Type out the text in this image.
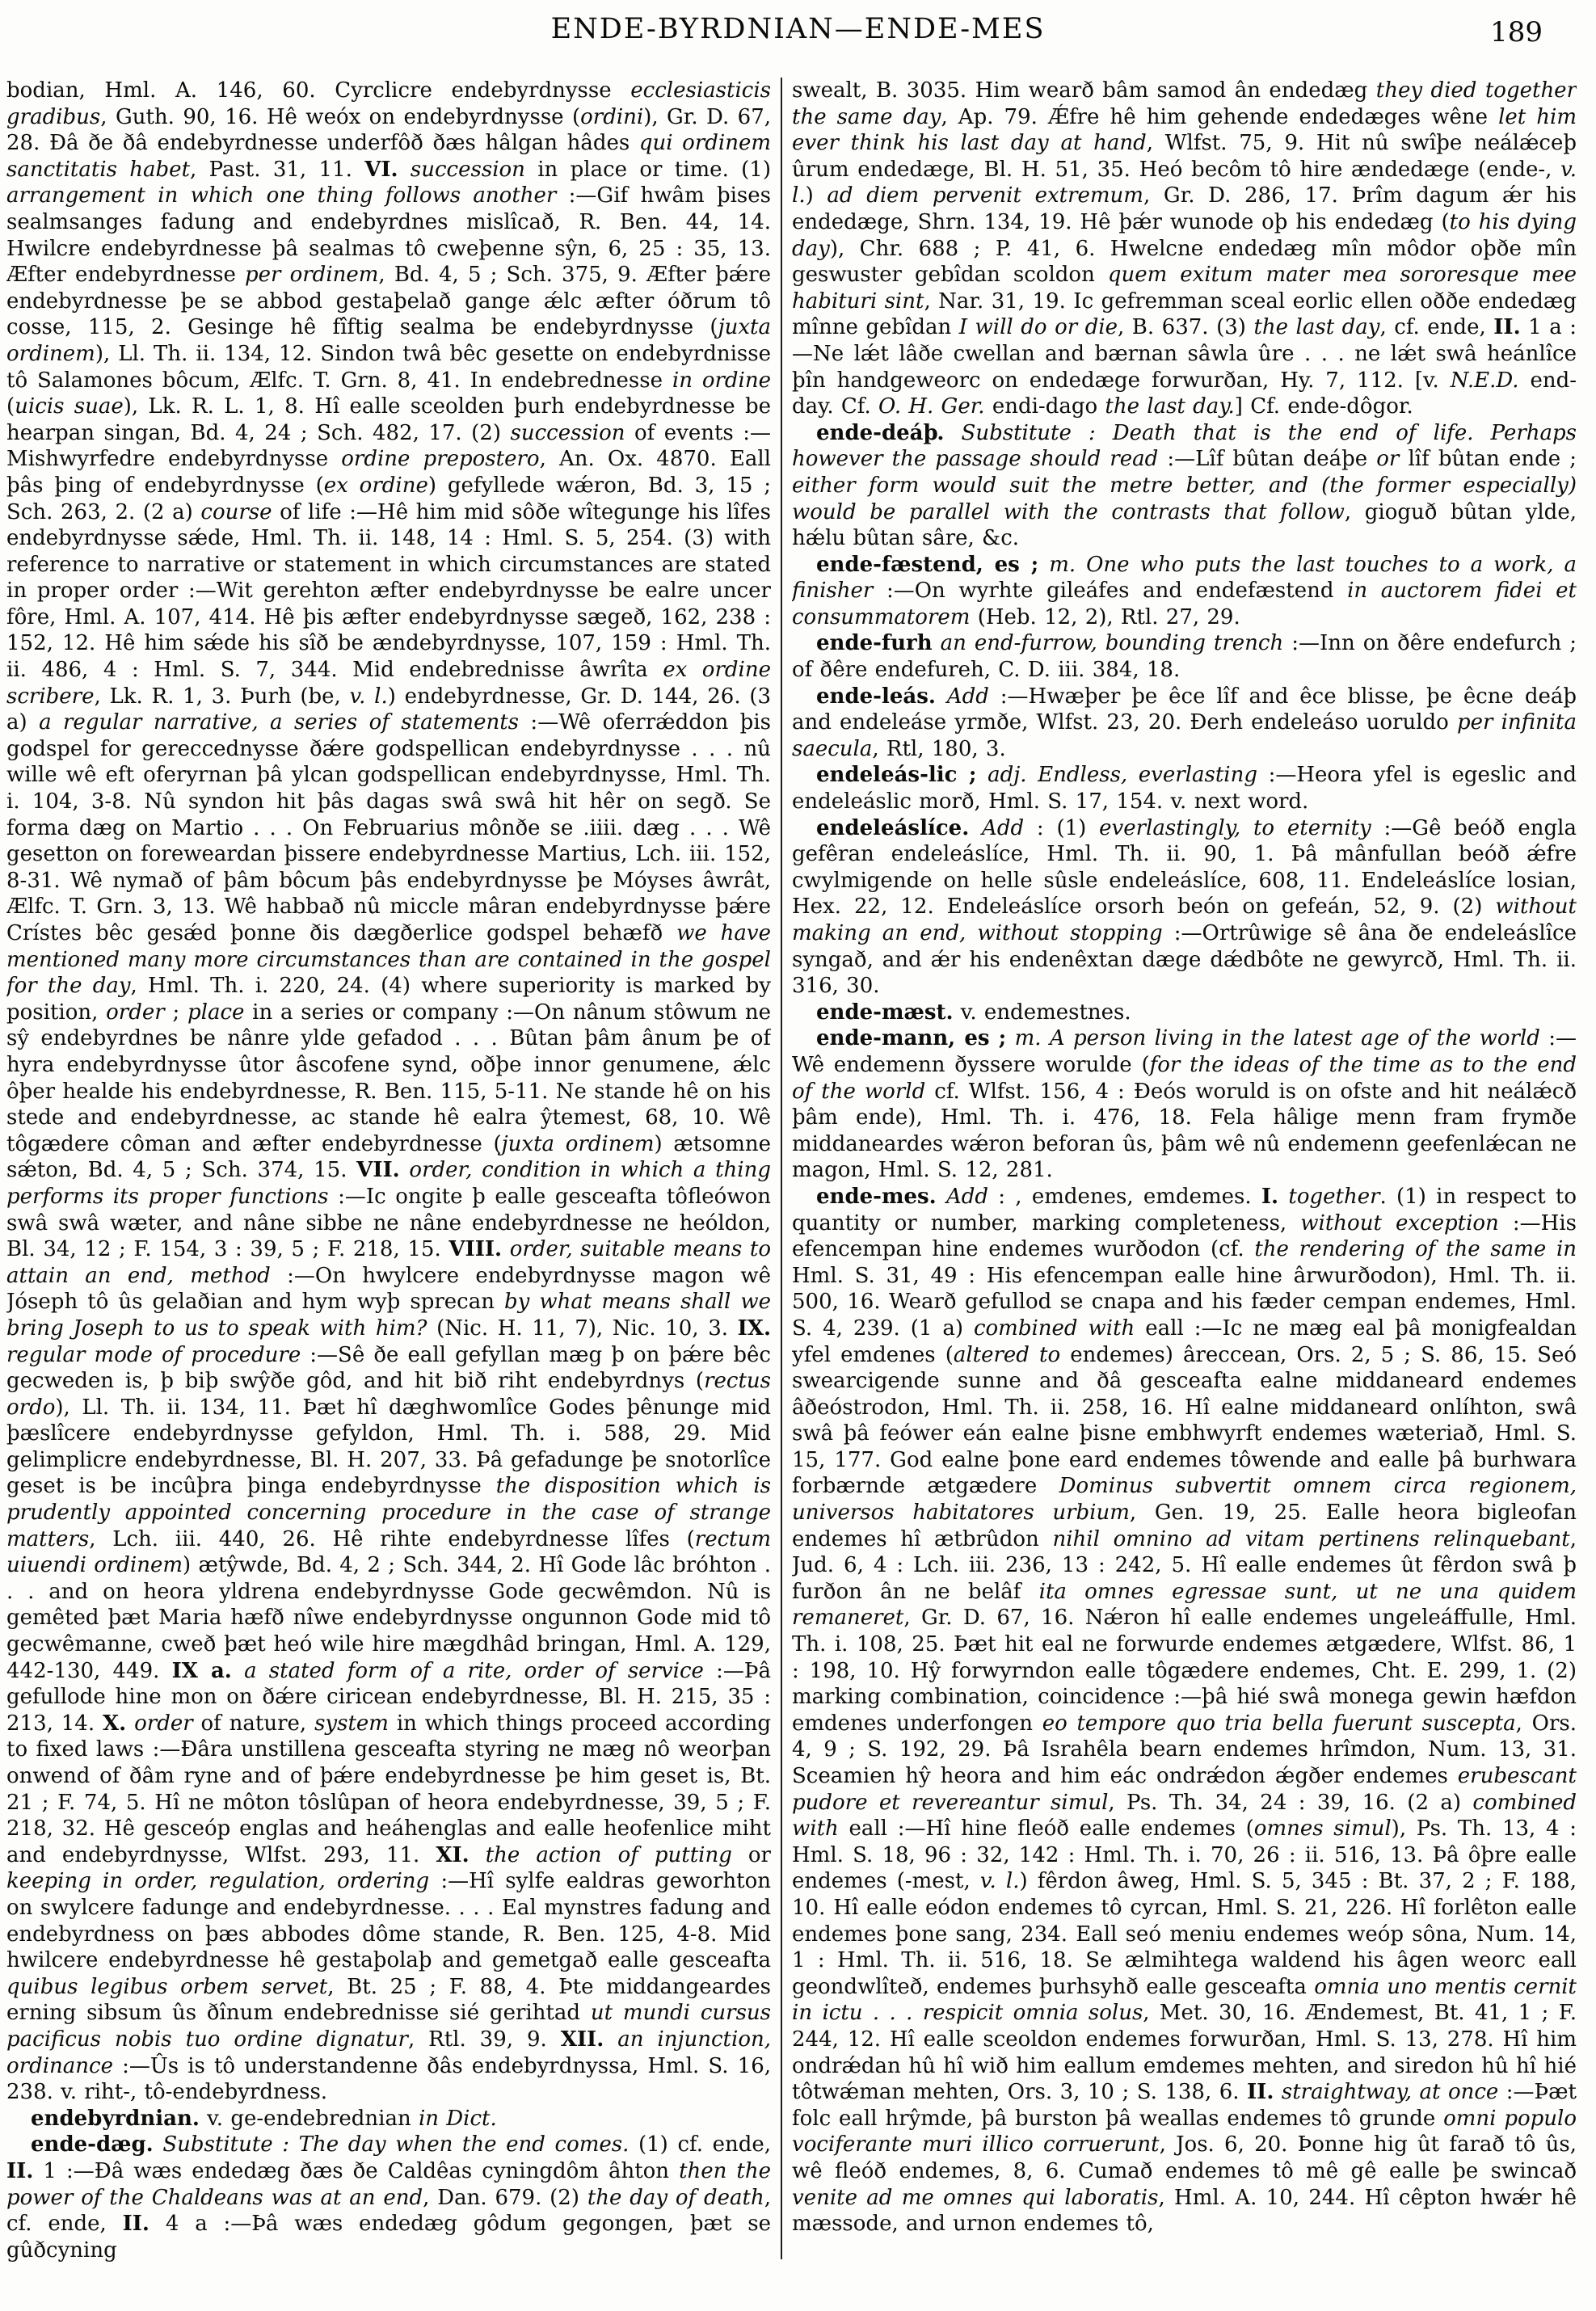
ENDE-BYRDNIAN—ENDE-MES	189

bodian, Hml. A. 146, 60. Cyrclicre endebyrdnysse ecclesiasticis gradibus, Guth. 90, 16. Hê weóx on endebyrdnysse (ordini), Gr. D. 67, 28. Ðâ ðe ðâ endebyrdnesse underfôð ðæs hâlgan hâdes qui ordinem sanctitatis habet, Past. 31, 11. VI. succession in place or time. (1) arrangement in which one thing follows another :—Gif hwâm þises sealmsanges fadung and endebyrdnes mislîcað, R. Ben. 44, 14. Hwilcre endebyrdnesse þâ sealmas tô cweþenne sŷn, 6, 25 : 35, 13. Æfter endebyrdnesse per ordinem, Bd. 4, 5 ; Sch. 375, 9. Æfter þǽre endebyrdnesse þe se abbod gestaþelað gange ǽlc æfter óðrum tô cosse, 115, 2. Gesinge hê fîftig sealma be endebyrdnysse (juxta ordinem), Ll. Th. ii. 134, 12. Sindon twâ bêc gesette on endebyrdnisse tô Salamones bôcum, Ælfc. T. Grn. 8, 41. In endebrednesse in ordine (uicis suae), Lk. R. L. 1, 8. Hî ealle sceolden þurh endebyrdnesse be hearpan singan, Bd. 4, 24 ; Sch. 482, 17. (2) succession of events :—Mishwyrfedre endebyrdnysse ordine prepostero, An. Ox. 4870. Eall þâs þing of endebyrdnysse (ex ordine) gefyllede wǽron, Bd. 3, 15 ; Sch. 263, 2. (2 a) course of life :—Hê him mid sôðe wîtegunge his lîfes endebyrdnysse sǽde, Hml. Th. ii. 148, 14 : Hml. S. 5, 254. (3) with reference to narrative or statement in which circumstances are stated in proper order :—Wit gerehton æfter endebyrdnysse be ealre uncer fôre, Hml. A. 107, 414. Hê þis æfter endebyrdnysse sægeð, 162, 238 : 152, 12. Hê him sǽde his sîð be ændebyrdnysse, 107, 159 : Hml. Th. ii. 486, 4 : Hml. S. 7, 344. Mid endebrednisse âwrîta ex ordine scribere, Lk. R. 1, 3. Þurh (be, v. l.) endebyrdnesse, Gr. D. 144, 26. (3 a) a regular narrative, a series of statements :—Wê oferrǽddon þis godspel for gereccednysse ðǽre godspellican endebyrdnysse . . . nû wille wê eft oferyrnan þâ ylcan godspellican endebyrdnysse, Hml. Th. i. 104, 3-8. Nû syndon hit þâs dagas swâ swâ hit hêr on segð. Se forma dæg on Martio . . . On Februarius mônðe se .iiii. dæg . . . Wê gesetton on foreweardan þissere endebyrdnesse Martius, Lch. iii. 152, 8-31. Wê nymað of þâm bôcum þâs endebyrdnysse þe Móyses âwrât, Ælfc. T. Grn. 3, 13. Wê habbað nû miccle mâran endebyrdnysse þǽre Crístes bêc gesǽd þonne ðis dægðerlice godspel behæfð we have mentioned many more circumstances than are contained in the gospel for the day, Hml. Th. i. 220, 24. (4) where superiority is marked by position, order ; place in a series or company :—On nânum stôwum ne sŷ endebyrdnes be nânre ylde gefadod . . . Bûtan þâm ânum þe of hyra endebyrdnysse ûtor âscofene synd, oðþe innor genumene, ǽlc ôþer healde his endebyrdnesse, R. Ben. 115, 5-11. Ne stande hê on his stede and endebyrdnesse, ac stande hê ealra ŷtemest, 68, 10. Wê tôgædere côman and æfter endebyrdnesse (juxta ordinem) ætsomne sǽton, Bd. 4, 5 ; Sch. 374, 15. VII. order, condition in which a thing performs its proper functions :—Ic ongite þ ealle gesceafta tôfleówon swâ swâ wæter, and nâne sibbe ne nâne endebyrdnesse ne heóldon, Bl. 34, 12 ; F. 154, 3 : 39, 5 ; F. 218, 15. VIII. order, suitable means to attain an end, method :—On hwylcere endebyrdnysse magon wê Jóseph tô ûs gelaðian and hym wyþ sprecan by what means shall we bring Joseph to us to speak with him? (Nic. H. 11, 7), Nic. 10, 3. IX. regular mode of procedure :—Sê ðe eall gefyllan mæg þ on þǽre bêc gecweden is, þ biþ swŷðe gôd, and hit bið riht endebyrdnys (rectus ordo), Ll. Th. ii. 134, 11. Þæt hî dæghwomlîce Godes þênunge mid þæslîcere endebyrdnysse gefyldon, Hml. Th. i. 588, 29. Mid gelimplicre endebyrdnesse, Bl. H. 207, 33. Þâ gefadunge þe snotorlîce geset is be incûþra þinga endebyrdnysse the disposition which is prudently appointed concerning procedure in the case of strange matters, Lch. iii. 440, 26. Hê rihte endebyrdnesse lîfes (rectum uiuendi ordinem) ætŷwde, Bd. 4, 2 ; Sch. 344, 2. Hî Gode lâc bróhton . . . and on heora yldrena endebyrdnysse Gode gecwêmdon. Nû is gemêted þæt Maria hæfð nîwe endebyrdnysse ongunnon Gode mid tô gecwêmanne, cweð þæt heó wile hire mægdhâd bringan, Hml. A. 129, 442-130, 449. IX a. a stated form of a rite, order of service :—Þâ gefullode hine mon on ðǽre ciricean endebyrdnesse, Bl. H. 215, 35 : 213, 14. X. order of nature, system in which things proceed according to fixed laws :—Ðâra unstillena gesceafta styring ne mæg nô weorþan onwend of ðâm ryne and of þǽre endebyrdnesse þe him geset is, Bt. 21 ; F. 74, 5. Hî ne môton tôslûpan of heora endebyrdnesse, 39, 5 ; F. 218, 32. Hê gesceóp englas and heáhenglas and ealle heofenlice miht and endebyrdnysse, Wlfst. 293, 11. XI. the action of putting or keeping in order, regulation, ordering :—Hî sylfe ealdras geworhton on swylcere fadunge and endebyrdnesse. . . . Eal mynstres fadung and endebyrdness on þæs abbodes dôme stande, R. Ben. 125, 4-8. Mid hwilcere endebyrdnesse hê gestaþolaþ and gemetgað ealle gesceafta quibus legibus orbem servet, Bt. 25 ; F. 88, 4. Þte middangeardes erning sibsum ûs ðînum endebrednisse sié gerihtad ut mundi cursus pacificus nobis tuo ordine dignatur, Rtl. 39, 9. XII. an injunction, ordinance :—Ûs is tô understandenne ðâs endebyrdnyssa, Hml. S. 16, 238. v. riht-, tô-endebyrdness.

endebyrdnian. v. ge-endebrednian in Dict.

ende-dæg. Substitute : The day when the end comes. (1) cf. ende, II. 1 :—Ðâ wæs endedæg ðæs ðe Caldêas cyningdôm âhton then the power of the Chaldeans was at an end, Dan. 679. (2) the day of death, cf. ende, II. 4 a :—Þâ wæs endedæg gôdum gegongen, þæt se gûðcyning

swealt, B. 3035. Him wearð bâm samod ân endedæg they died together the same day, Ap. 79. Ǽfre hê him gehende endedæges wêne let him ever think his last day at hand, Wlfst. 75, 9. Hit nû swîþe neálǽceþ ûrum endedæge, Bl. H. 51, 35. Heó becôm tô hire ændedæge (ende-, v. l.) ad diem pervenit extremum, Gr. D. 286, 17. Þrîm dagum ǽr his endedæge, Shrn. 134, 19. Hê þǽr wunode oþ his endedæg (to his dying day), Chr. 688 ; P. 41, 6. Hwelcne endedæg mîn môdor oþðe mîn geswuster gebîdan scoldon quem exitum mater mea sororesque mee habituri sint, Nar. 31, 19. Ic gefremman sceal eorlic ellen oððe endedæg mînne gebîdan I will do or die, B. 637. (3) the last day, cf. ende, II. 1 a :—Ne lǽt lâðe cwellan and bærnan sâwla ûre . . . ne lǽt swâ heánlîce þîn handgeweorc on endedæge forwurðan, Hy. 7, 112. [v. N.E.D. end-day. Cf. O. H. Ger. endi-dago the last day.] Cf. ende-dôgor.

ende-deáþ. Substitute : Death that is the end of life. Perhaps however the passage should read :—Lîf bûtan deáþe or lîf bûtan ende ; either form would suit the metre better, and (the former especially) would be parallel with the contrasts that follow, gioguð bûtan ylde, hǽlu bûtan sâre, &c.

ende-fæstend, es ; m. One who puts the last touches to a work, a finisher :—On wyrhte gileáfes and endefæstend in auctorem fidei et consummatorem (Heb. 12, 2), Rtl. 27, 29.

ende-furh an end-furrow, bounding trench :—Inn on ðêre endefurch ; of ðêre endefureh, C. D. iii. 384, 18.

ende-leás. Add :—Hwæþer þe êce lîf and êce blisse, þe êcne deáþ and endeleáse yrmðe, Wlfst. 23, 20. Ðerh endeleáso uoruldo per infinita saecula, Rtl, 180, 3.

endeleás-lic ; adj. Endless, everlasting :—Heora yfel is egeslic and endeleáslic morð, Hml. S. 17, 154. v. next word.

endeleáslíce. Add : (1) everlastingly, to eternity :—Gê beóð engla gefêran endeleáslíce, Hml. Th. ii. 90, 1. Þâ mânfullan beóð ǽfre cwylmigende on helle sûsle endeleáslíce, 608, 11. Endeleáslíce losian, Hex. 22, 12. Endeleáslíce orsorh beón on gefeán, 52, 9. (2) without making an end, without stopping :—Ortrûwige sê âna ðe endeleáslîce syngað, and ǽr his endenêxtan dæge dǽdbôte ne gewyrcð, Hml. Th. ii. 316, 30.

ende-mæst. v. endemestnes.

ende-mann, es ; m. A person living in the latest age of the world :—Wê endemenn ðyssere worulde (for the ideas of the time as to the end of the world cf. Wlfst. 156, 4 : Ðeós woruld is on ofste and hit neálǽcð þâm ende), Hml. Th. i. 476, 18. Fela hâlige menn fram frymðe middaneardes wǽron beforan ûs, þâm wê nû endemenn geefenlǽcan ne magon, Hml. S. 12, 281.

ende-mes. Add : , emdenes, emdemes. I. together. (1) in respect to quantity or number, marking completeness, without exception :—His efencempan hine endemes wurðodon (cf. the rendering of the same in Hml. S. 31, 49 : His efencempan ealle hine ârwurðodon), Hml. Th. ii. 500, 16. Wearð gefullod se cnapa and his fæder cempan endemes, Hml. S. 4, 239. (1 a) combined with eall :—Ic ne mæg eal þâ monigfealdan yfel emdenes (altered to endemes) âreccean, Ors. 2, 5 ; S. 86, 15. Seó swearcigende sunne and ðâ gesceafta ealne middaneard endemes âðeóstrodon, Hml. Th. ii. 258, 16. Hî ealne middaneard onlíhton, swâ swâ þâ feówer eán ealne þisne embhwyrft endemes wæteriað, Hml. S. 15, 177. God ealne þone eard endemes tôwende and ealle þâ burhwara forbærnde ætgædere Dominus subvertit omnem circa regionem, universos habitatores urbium, Gen. 19, 25. Ealle heora bigleofan endemes hî ætbrûdon nihil omnino ad vitam pertinens relinquebant, Jud. 6, 4 : Lch. iii. 236, 13 : 242, 5. Hî ealle endemes ût fêrdon swâ þ furðon ân ne belâf ita omnes egressae sunt, ut ne una quidem remaneret, Gr. D. 67, 16. Nǽron hî ealle endemes ungeleáffulle, Hml. Th. i. 108, 25. Þæt hit eal ne forwurde endemes ætgædere, Wlfst. 86, 1 : 198, 10. Hŷ forwyrndon ealle tôgædere endemes, Cht. E. 299, 1. (2) marking combination, coincidence :—þâ hié swâ monega gewin hæfdon emdenes underfongen eo tempore quo tria bella fuerunt suscepta, Ors. 4, 9 ; S. 192, 29. Þâ Israhêla bearn endemes hrîmdon, Num. 13, 31. Sceamien hŷ heora and him eác ondrǽdon ǽgðer endemes erubescant pudore et revereantur simul, Ps. Th. 34, 24 : 39, 16. (2 a) combined with eall :—Hî hine fleóð ealle endemes (omnes simul), Ps. Th. 13, 4 : Hml. S. 18, 96 : 32, 142 : Hml. Th. i. 70, 26 : ii. 516, 13. Þâ ôþre ealle endemes (-mest, v. l.) fêrdon âweg, Hml. S. 5, 345 : Bt. 37, 2 ; F. 188, 10. Hî ealle eódon endemes tô cyrcan, Hml. S. 21, 226. Hî forlêton ealle endemes þone sang, 234. Eall seó meniu endemes weóp sôna, Num. 14, 1 : Hml. Th. ii. 516, 18. Se ælmihtega waldend his âgen weorc eall geondwlîteð, endemes þurhsyhð ealle gesceafta omnia uno mentis cernit in ictu . . . respicit omnia solus, Met. 30, 16. Ændemest, Bt. 41, 1 ; F. 244, 12. Hî ealle sceoldon endemes forwurðan, Hml. S. 13, 278. Hî him ondrǽdan hû hî wið him eallum emdemes mehten, and siredon hû hî hié tôtwǽman mehten, Ors. 3, 10 ; S. 138, 6. II. straightway, at once :—Þæt folc eall hrŷmde, þâ burston þâ weallas endemes tô grunde omni populo vociferante muri illico corruerunt, Jos. 6, 20. Þonne hig ût farað tô ûs, wê fleóð endemes, 8, 6. Cumað endemes tô mê gê ealle þe swincað venite ad me omnes qui laboratis, Hml. A. 10, 244. Hî cêpton hwǽr hê mæssode, and urnon endemes tô,
